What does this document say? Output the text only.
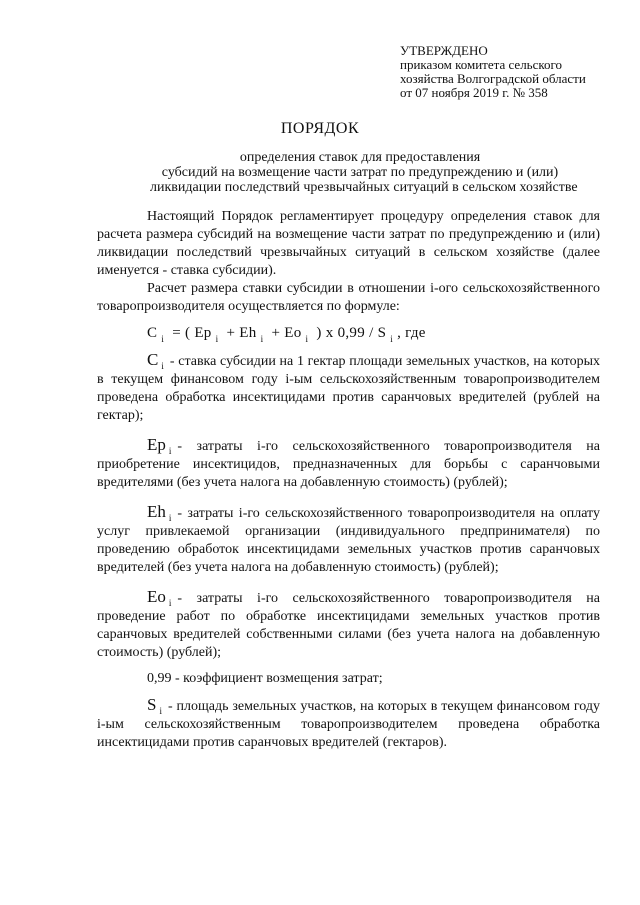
УТВЕРЖДЕНО
приказом комитета сельского
хозяйства Волгоградской области
от 07 ноября 2019 г. № 358
ПОРЯДОК
определения ставок для предоставления
субсидий на возмещение части затрат по предупреждению и (или)
ликвидации последствий чрезвычайных ситуаций в сельском хозяйстве

Настоящий Порядок регламентирует процедуру определения ставок для расчета размера субсидий на возмещение части затрат по предупреждению и (или) ликвидации последствий чрезвычайных ситуаций в сельском хозяйстве (далее именуется - ставка субсидии).

Расчет размера ставки субсидии в отношении i-ого сельскохозяйственного товаропроизводителя осуществляется по формуле:

C $_i$ = ( Ep $_i$ + Eh $_i$ + Eo $_i$ ) x 0,99 / S $_i$ , где

C $_i$ - ставка субсидии на 1 гектар площади земельных участков, на которых в текущем финансовом году i-ым сельскохозяйственным товаропроизводителем проведена обработка инсектицидами против саранчовых вредителей (рублей на гектар);

Ep $_i$ - затраты i-го сельскохозяйственного товаропроизводителя на приобретение инсектицидов, предназначенных для борьбы с саранчовыми вредителями (без учета налога на добавленную стоимость) (рублей);

Eh $_i$ - затраты i-го сельскохозяйственного товаропроизводителя на оплату услуг привлекаемой организации (индивидуального предпринимателя) по проведению обработок инсектицидами земельных участков против саранчовых вредителей (без учета налога на добавленную стоимость) (рублей);

Eo $_i$ - затраты i-го сельскохозяйственного товаропроизводителя на проведение работ по обработке инсектицидами земельных участков против саранчовых вредителей собственными силами (без учета налога на добавленную стоимость) (рублей);

0,99 - коэффициент возмещения затрат;

S $_i$ - площадь земельных участков, на которых в текущем финансовом году i-ым сельскохозяйственным товаропроизводителем проведена обработка инсектицидами против саранчовых вредителей (гектаров).
